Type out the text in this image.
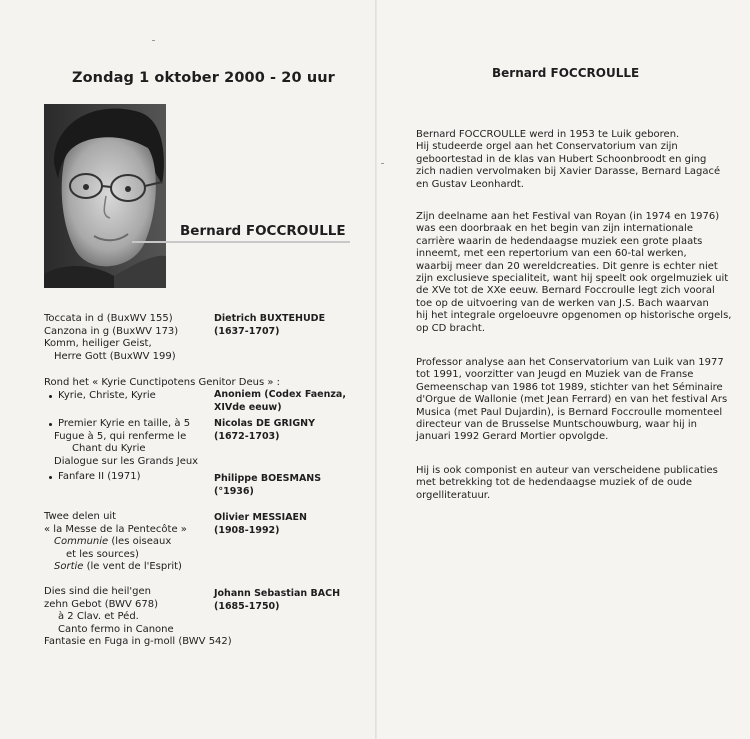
Zondag 1 oktober 2000 - 20 uur
Bernard FOCCROULLE
Toccata in d (BuxWV 155)
Canzona in g (BuxWV 173)
Komm, heiliger Geist,
Herre Gott (BuxWV 199)
Dietrich BUXTEHUDE
(1637-1707)
Rond het « Kyrie Cunctipotens Genitor Deus » :
Kyrie, Christe, Kyrie	Anoniem (Codex Faenza,
XIVde eeuw)
Premier Kyrie en taille, à 5
Fugue à 5, qui renferme le
Chant du Kyrie
Dialogue sur les Grands Jeux
Nicolas DE GRIGNY
(1672-1703)
Fanfare II (1971)	Philippe BOESMANS
(°1936)
Twee delen uit
« la Messe de la Pentecôte »
Communie (les oiseaux
et les sources)
Sortie (le vent de l'Esprit)
Olivier MESSIAEN
(1908-1992)
Dies sind die heil'gen
zehn Gebot (BWV 678)
à 2 Clav. et Péd.
Canto fermo in Canone
Fantasie en Fuga in g-moll (BWV 542)
Johann Sebastian BACH
(1685-1750)
Bernard FOCCROULLE

Bernard FOCCROULLE werd in 1953 te Luik geboren.

Hij studeerde orgel aan het Conservatorium van zijn

geboortestad in de klas van Hubert Schoonbroodt en ging

zich nadien vervolmaken bij Xavier Darasse, Bernard Lagacé

en Gustav Leonhardt.

Zijn deelname aan het Festival van Royan (in 1974 en 1976)

was een doorbraak en het begin van zijn internationale

carrière waarin de hedendaagse muziek een grote plaats

inneemt, met een repertorium van een 60-tal werken,

waarbij meer dan 20 wereldcreaties. Dit genre is echter niet

zijn exclusieve specialiteit, want hij speelt ook orgelmuziek uit

de XVe tot de XXe eeuw. Bernard Foccroulle legt zich vooral

toe op de uitvoering van de werken van J.S. Bach waarvan

hij het integrale orgeloeuvre opgenomen op historische orgels,

op CD bracht.

Professor analyse aan het Conservatorium van Luik van 1977

tot 1991, voorzitter van Jeugd en Muziek van de Franse

Gemeenschap van 1986 tot 1989, stichter van het Séminaire

d'Orgue de Wallonie (met Jean Ferrard) en van het festival Ars

Musica (met Paul Dujardin), is Bernard Foccroulle momenteel

directeur van de Brusselse Muntschouwburg, waar hij in

januari 1992 Gerard Mortier opvolgde.

Hij is ook componist en auteur van verscheidene publicaties

met betrekking tot de hedendaagse muziek of de oude

orgelliteratuur.
